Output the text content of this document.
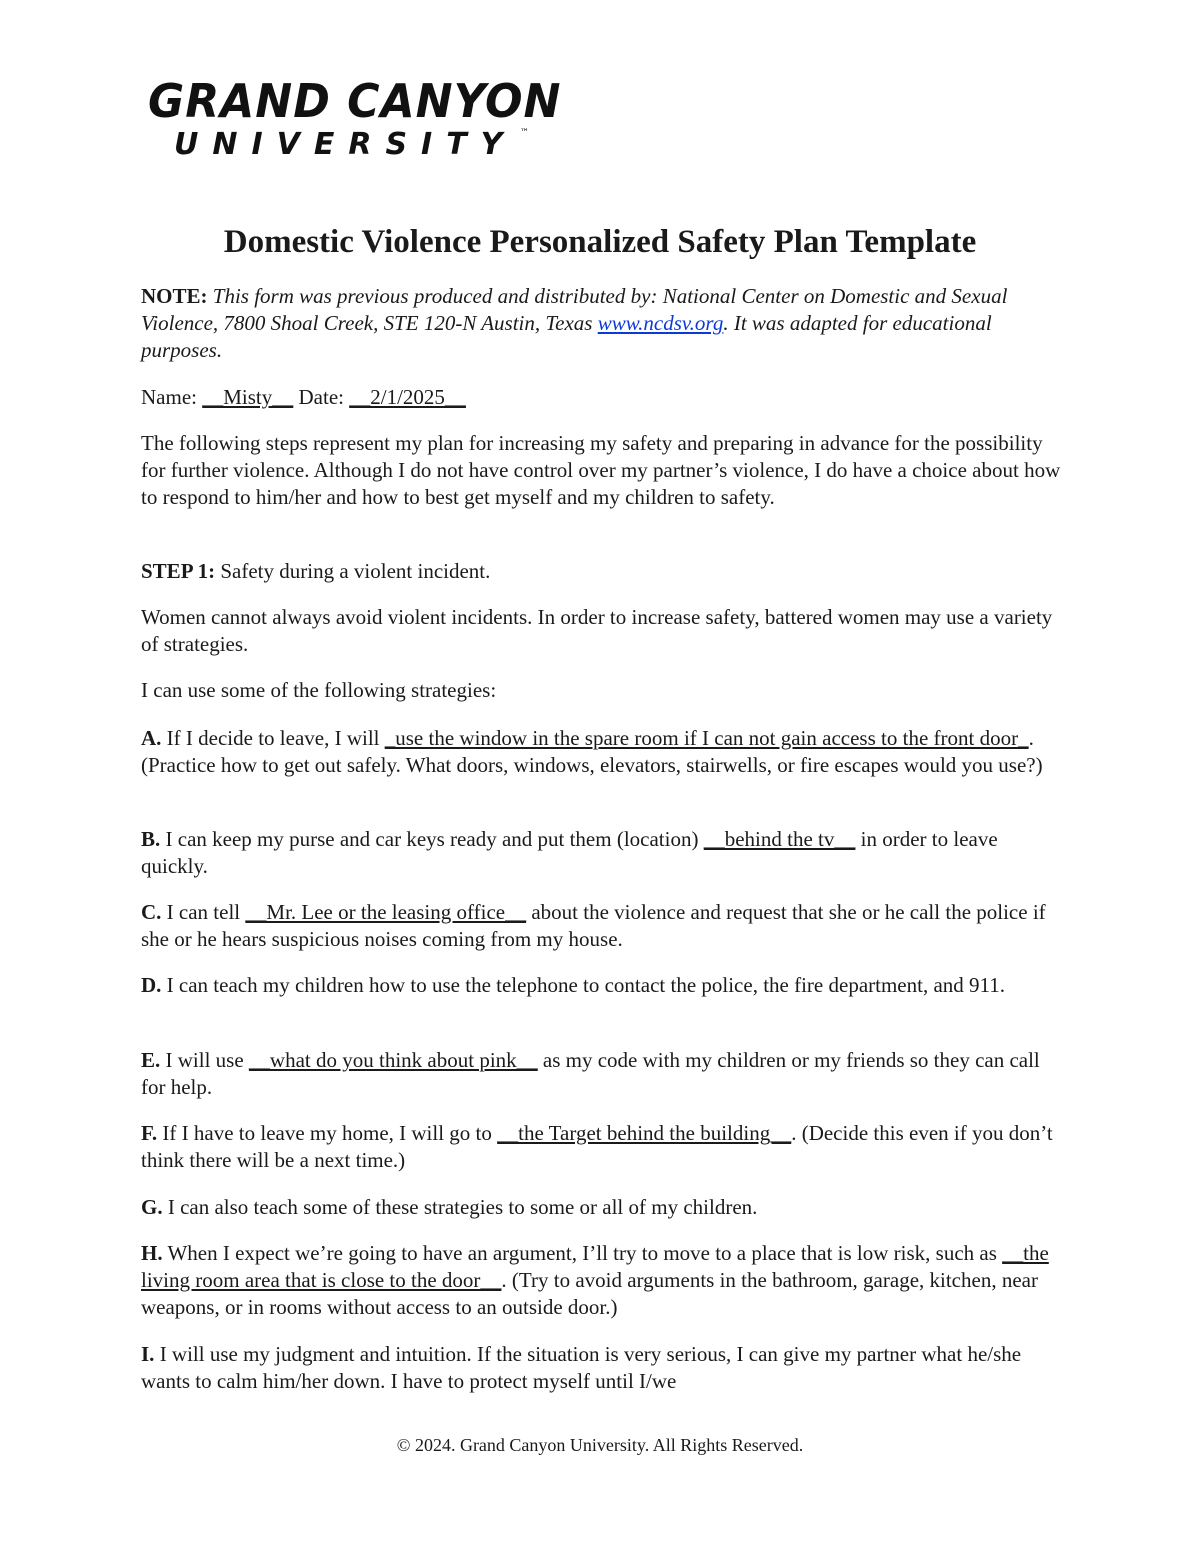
GRAND CANYON
UNIVERSITY ™
Domestic Violence Personalized Safety Plan Template
NOTE: This form was previous produced and distributed by: National Center on Domestic and Sexual Violence, 7800 Shoal Creek, STE 120-N Austin, Texas www.ncdsv.org. It was adapted for educational purposes.
Name: __Misty__ Date: __2/1/2025__
The following steps represent my plan for increasing my safety and preparing in advance for the possibility for further violence. Although I do not have control over my partner’s violence, I do have a choice about how to respond to him/her and how to best get myself and my children to safety.
STEP 1: Safety during a violent incident.
Women cannot always avoid violent incidents. In order to increase safety, battered women may use a variety of strategies.
I can use some of the following strategies:
A. If I decide to leave, I will _use the window in the spare room if I can not gain access to the front door_. (Practice how to get out safely. What doors, windows, elevators, stairwells, or fire escapes would you use?)
B. I can keep my purse and car keys ready and put them (location) __behind the tv__ in order to leave quickly.
C. I can tell __Mr. Lee or the leasing office__ about the violence and request that she or he call the police if she or he hears suspicious noises coming from my house.
D. I can teach my children how to use the telephone to contact the police, the fire department, and 911.
E. I will use __what do you think about pink__ as my code with my children or my friends so they can call for help.
F. If I have to leave my home, I will go to __the Target behind the building__. (Decide this even if you don’t think there will be a next time.)
G. I can also teach some of these strategies to some or all of my children.
H. When I expect we’re going to have an argument, I’ll try to move to a place that is low risk, such as __the living room area that is close to the door__. (Try to avoid arguments in the bathroom, garage, kitchen, near weapons, or in rooms without access to an outside door.)
I. I will use my judgment and intuition. If the situation is very serious, I can give my partner what he/she wants to calm him/her down. I have to protect myself until I/we
© 2024. Grand Canyon University. All Rights Reserved.
